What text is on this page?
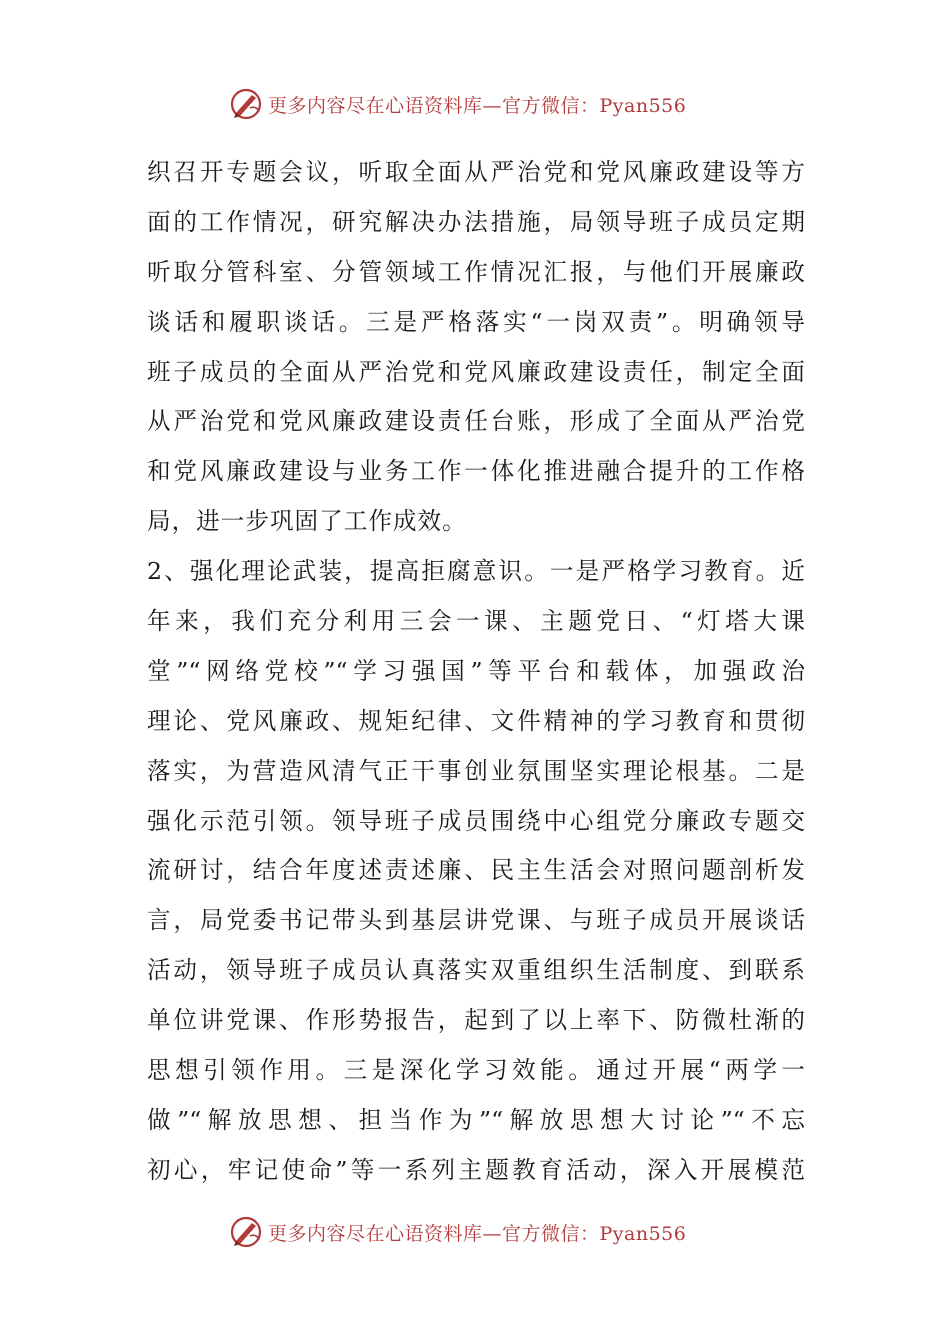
更多内容尽在心语资料库—官方微信：Pyan556
织召开专题会议，听取全面从严治党和党风廉政建设等方
面的工作情况，研究解决办法措施，局领导班子成员定期
听取分管科室、分管领域工作情况汇报，与他们开展廉政
谈话和履职谈话。三是严格落实“一岗双责”。明确领导
班子成员的全面从严治党和党风廉政建设责任，制定全面
从严治党和党风廉政建设责任台账，形成了全面从严治党
和党风廉政建设与业务工作一体化推进融合提升的工作格
局，进一步巩固了工作成效。
2、强化理论武装，提高拒腐意识。一是严格学习教育。近
年来，我们充分利用三会一课、主题党日、“灯塔大课
堂”“网络党校”“学习强国”等平台和载体，加强政治
理论、党风廉政、规矩纪律、文件精神的学习教育和贯彻
落实，为营造风清气正干事创业氛围坚实理论根基。二是
强化示范引领。领导班子成员围绕中心组党分廉政专题交
流研讨，结合年度述责述廉、民主生活会对照问题剖析发
言，局党委书记带头到基层讲党课、与班子成员开展谈话
活动，领导班子成员认真落实双重组织生活制度、到联系
单位讲党课、作形势报告，起到了以上率下、防微杜渐的
思想引领作用。三是深化学习效能。通过开展“两学一
做”“解放思想、担当作为”“解放思想大讨论”“不忘
初心，牢记使命”等一系列主题教育活动，深入开展模范
更多内容尽在心语资料库—官方微信：Pyan556
